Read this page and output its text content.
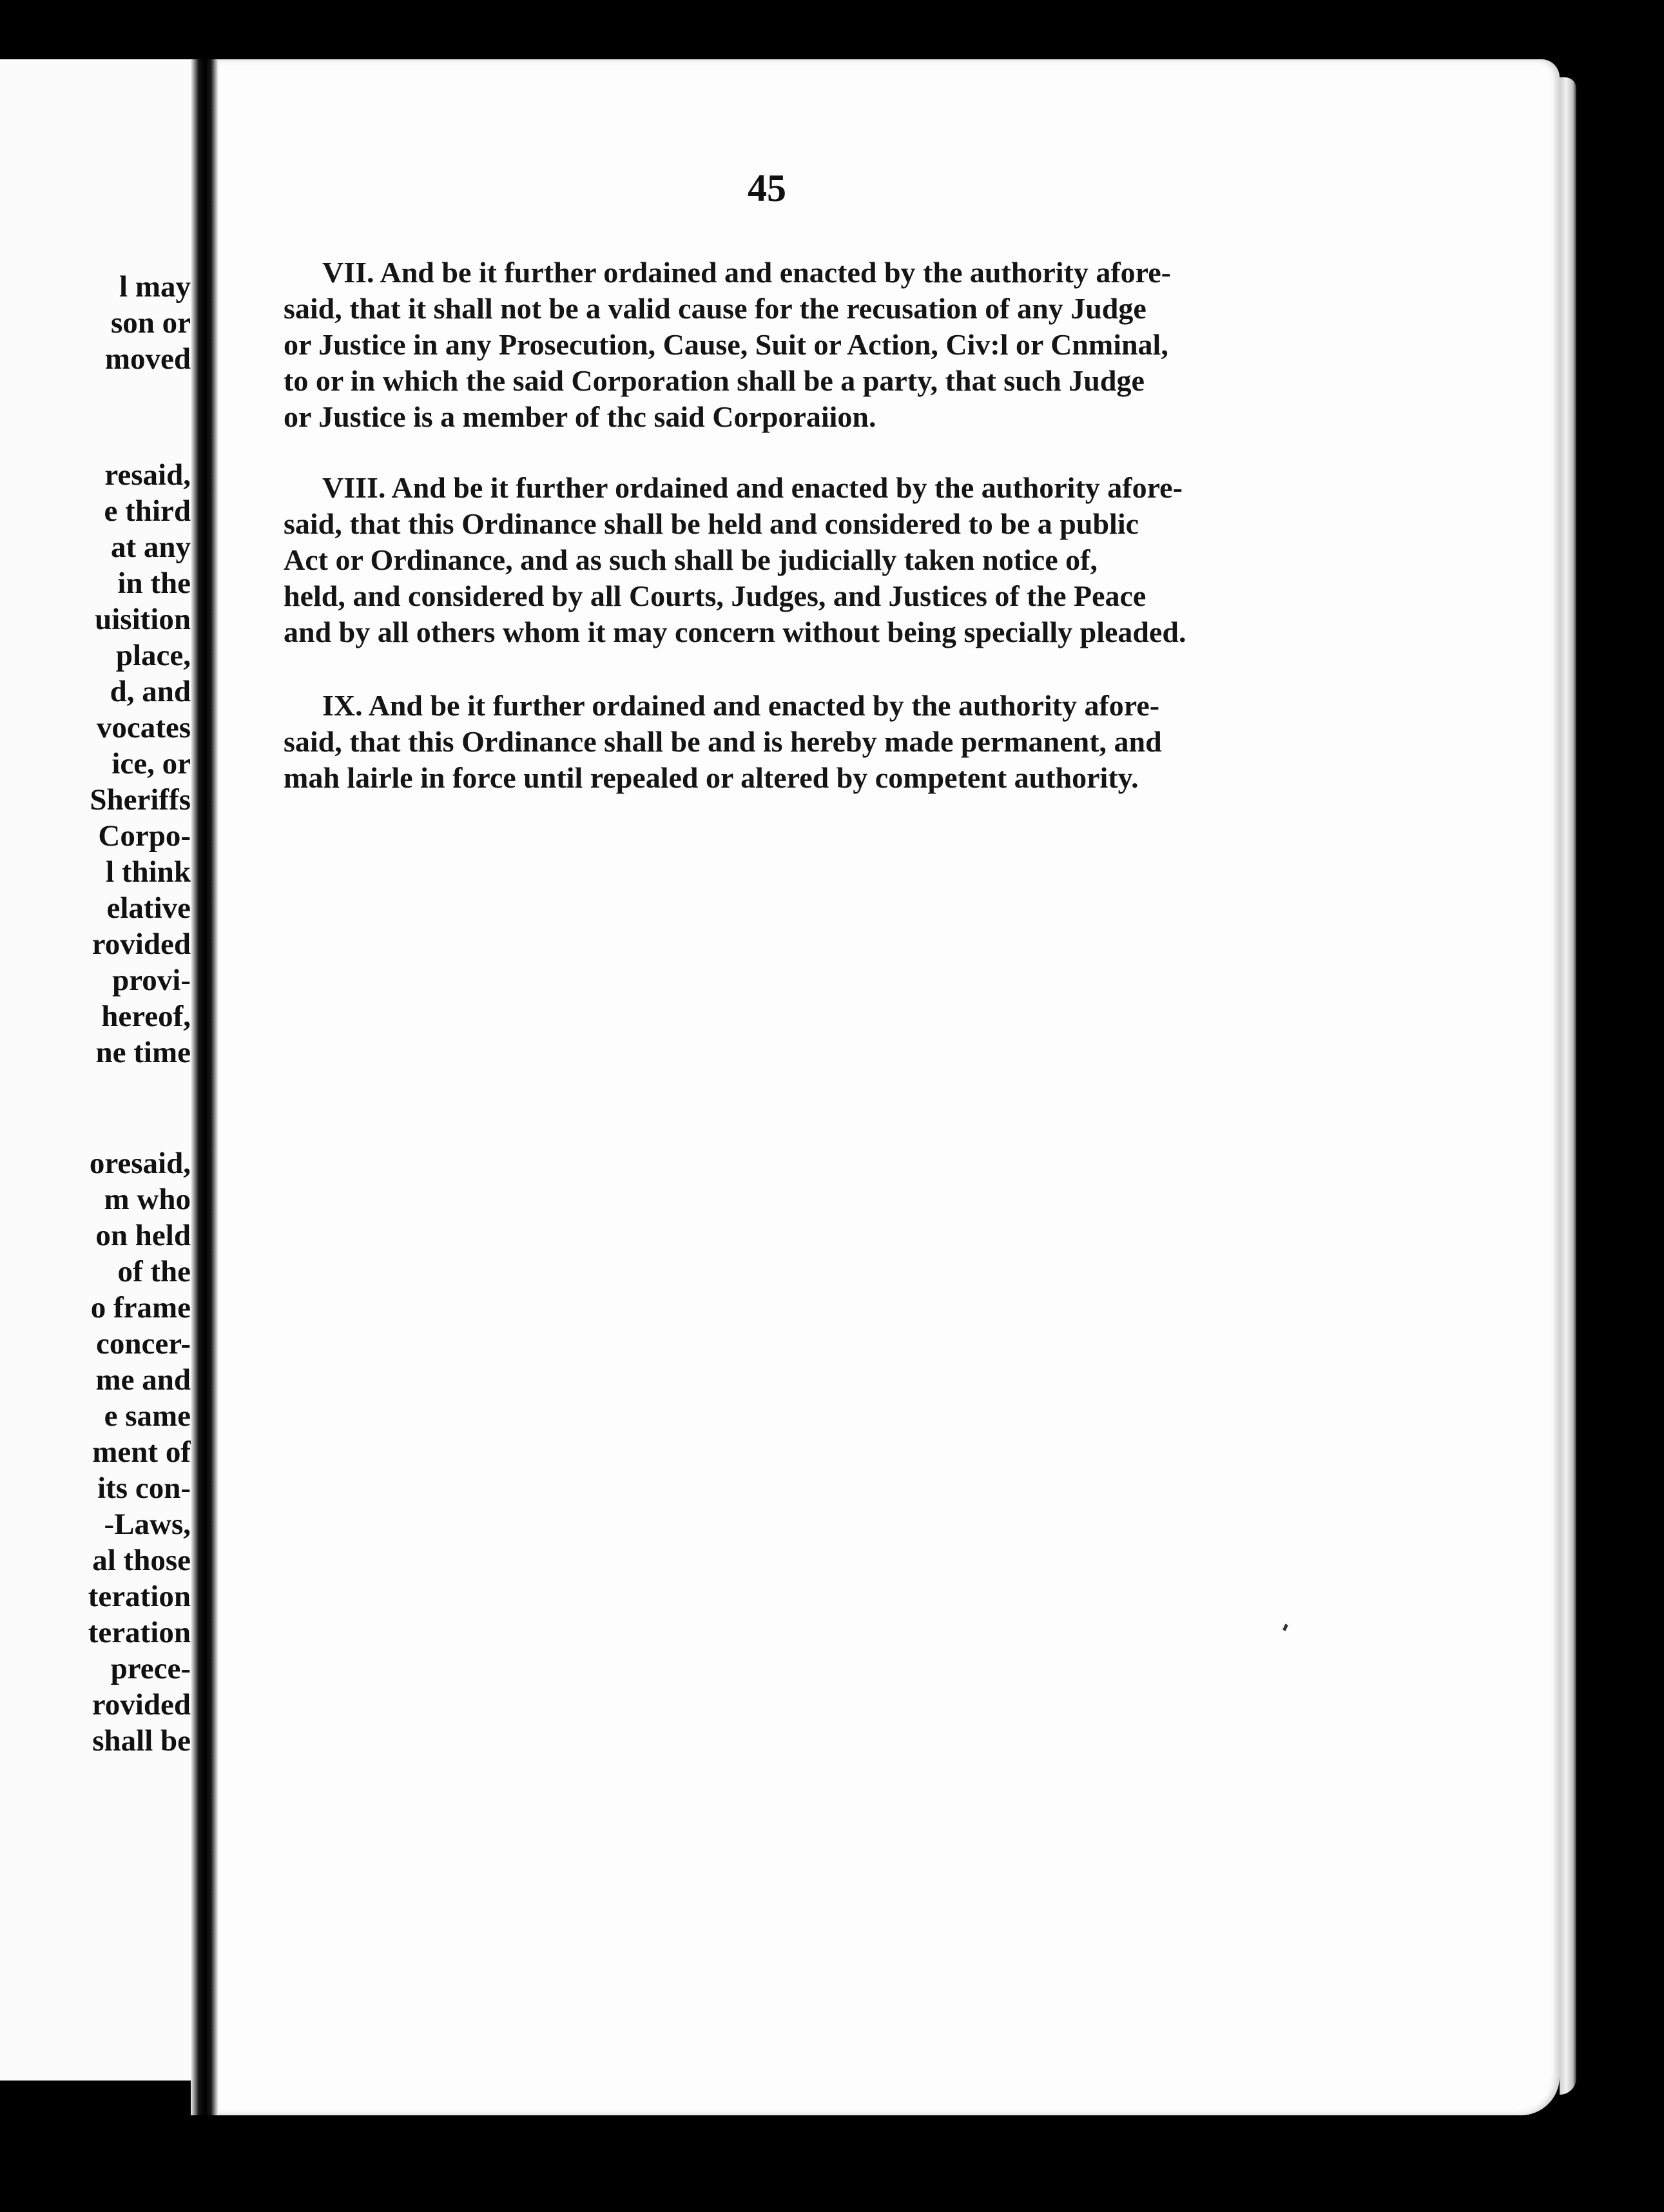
l may
son or
moved
resaid,
e third
at any
in the
uisition
place,
d, and
vocates
ice, or
Sheriffs
Corpo-
l think
elative
rovided
provi-
hereof,
ne time
oresaid,
m who
on held
of the
o frame
concer-
me and
e same
ment of
its con-
-Laws,
al those
teration
teration
prece-
rovided
shall be
45
VII. And be it further ordained and enacted by the authority afore-
said, that it shall not be a valid cause for the recusation of any Judge
or Justice in any Prosecution, Cause, Suit or Action, Civ:l or Cnminal,
to or in which the said Corporation shall be a party, that such Judge
or Justice is a member of thc said Corporaiion.
VIII. And be it further ordained and enacted by the authority afore-
said, that this Ordinance shall be held and considered to be a public
Act or Ordinance, and as such shall be judicially taken notice of,
held, and considered by all Courts, Judges, and Justices of the Peace
and by all others whom it may concern without being specially pleaded.
IX. And be it further ordained and enacted by the authority afore-
said, that this Ordinance shall be and is hereby made permanent, and
mah lairle in force until repealed or altered by competent authority.
